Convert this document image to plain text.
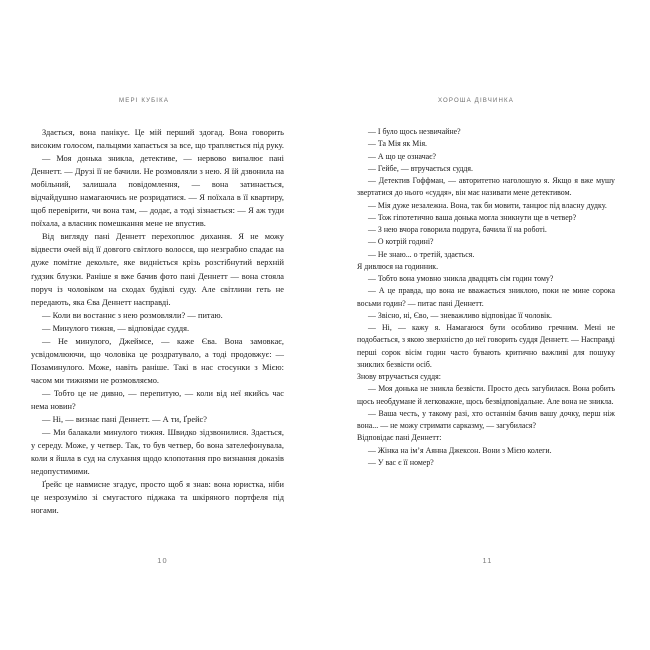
МЕРІ КУБІКА

Здається, вона панікує. Це мій перший здогад. Вона говорить високим голосом, пальцями хапається за все, що трапляється під руку.

— Моя донька зникла, детективе, — нервово випалює пані Деннетт. — Друзі її не бачили. Не розмовляли з нею. Я їй дзвонила на мобільний, залишала повідомлення, — вона затинається, відчайдушно намагаючись не розридатися. — Я поїхала в її квартиру, щоб перевірити, чи вона там, — додає, а тоді зізнається: — Я аж туди поїхала, а власник помешкання мене не впустив.

Від вигляду пані Деннетт перехоплює дихання. Я не можу відвести очей від її довгого світлого волосся, що незграбно спадає на дуже помітне декольте, яке видніється крізь розстібнутий верхній ґудзик блузки. Раніше я вже бачив фото пані Деннетт — вона стояла поруч із чоловіком на сходах будівлі суду. Але світлини геть не передають, яка Єва Деннетт насправді.

— Коли ви востаннє з нею розмовляли? — питаю.

— Минулого тижня, — відповідає суддя.

— Не минулого, Джеймсе, — каже Єва. Вона замовкає, усвідомлюючи, що чоловіка це роздратувало, а тоді продовжує: — Позаминулого. Може, навіть раніше. Такі в нас стосунки з Мією: часом ми тижнями не розмовляємо.

— Тобто це не дивно, — перепитую, — коли від неї якийсь час нема новин?

— Ні, — визнає пані Деннетт. — А ти, Ґрейс?

— Ми балакали минулого тижня. Швидко зідзвонилися. Здається, у середу. Може, у четвер. Так, то був четвер, бо вона зателефонувала, коли я йшла в суд на слухання щодо клопотання про визнання доказів недопустимими.

Ґрейс це навмисне згадує, просто щоб я знав: вона юристка, ніби це незрозуміло зі смугастого піджака та шкіряного портфеля під ногами.

10
ХОРОША ДІВЧИНКА

— І було щось незвичайне?

— Та Мія як Мія.

— А що це означає?

— Гейбе, — втручається суддя.

— Детектив Гоффман, — авторитетно наголошую я. Якщо я вже мушу звертатися до нього «суддя», він має називати мене детективом.

— Мія дуже незалежна. Вона, так би мовити, танцює під власну дудку.

— Тож гіпотетично ваша донька могла зникнути ще в четвер?

— З нею вчора говорила подруга, бачила її на роботі.

— О котрій годині?

— Не знаю... о третій, здається.

Я дивлюся на годинник.

— Тобто вона умовно зникла двадцять сім годин тому?

— А це правда, що вона не вважається зниклою, поки не мине сорока восьми годин? — питає пані Деннетт.

— Звісно, ні, Єво, — зневажливо відповідає її чоловік.

— Ні, — кажу я. Намагаюся бути особливо гречним. Мені не подобається, з якою зверхністю до неї говорить суддя Деннетт. — Насправді перші сорок вісім годин часто бувають критично важливі для пошуку зниклих безвісти осіб.

Знову втручається суддя:

— Моя донька не зникла безвісти. Просто десь загубилася. Вона робить щось необдумане й легковажне, щось безвідповідальне. Але вона не зникла.

— Ваша честь, у такому разі, хто останнім бачив вашу дочку, перш ніж вона... — не можу стримати сарказму, — загубилася?

Відповідає пані Деннетт:

— Жінка на ім’я Аянна Джексон. Вони з Мією колеги.

— У вас є її номер?

11
